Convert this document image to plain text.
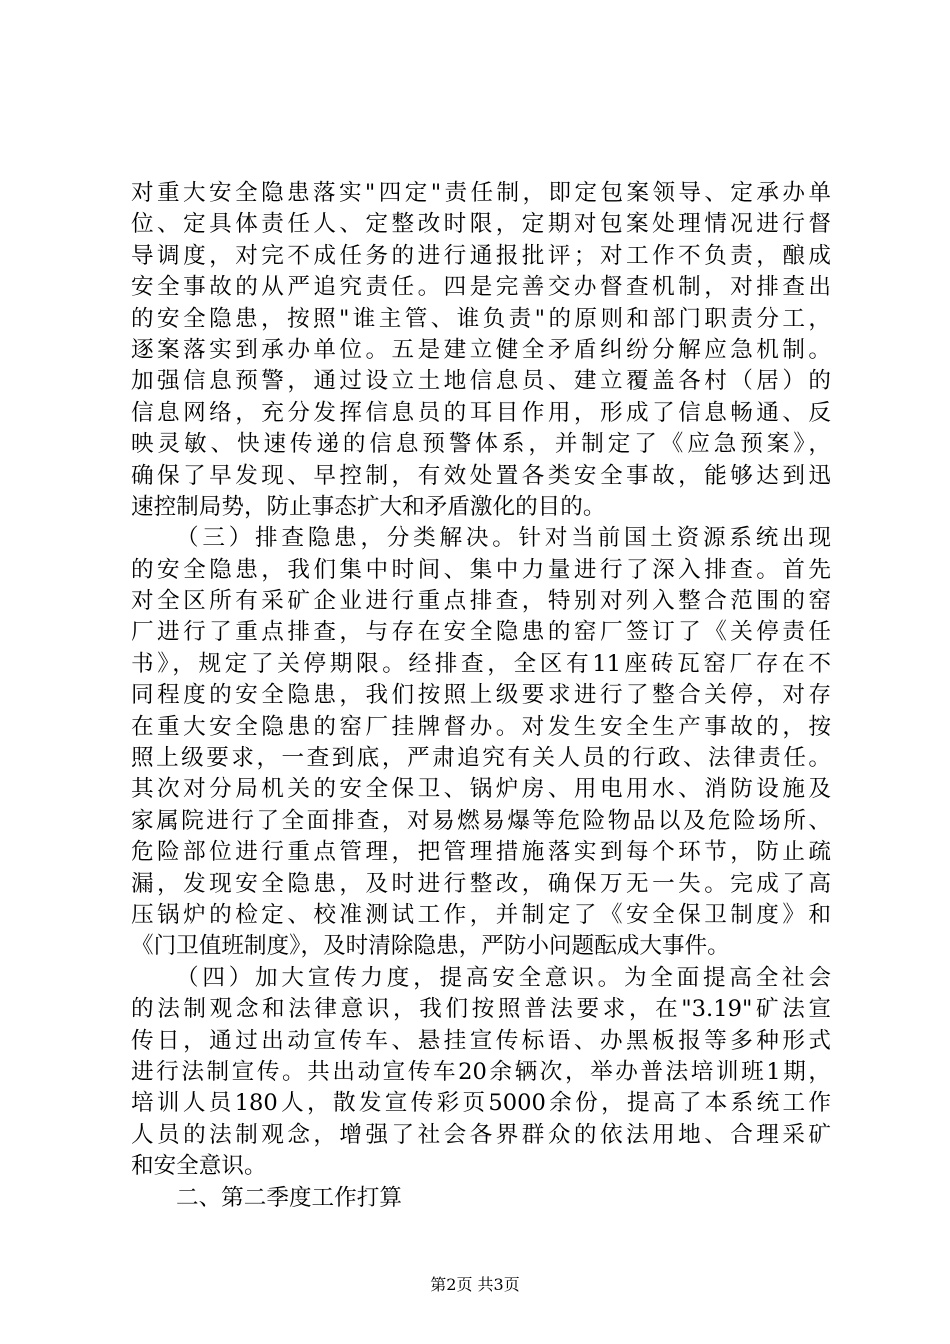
对重大安全隐患落实"四定"责任制，即定包案领导、定承办单
位、定具体责任人、定整改时限，定期对包案处理情况进行督
导调度，对完不成任务的进行通报批评；对工作不负责，酿成
安全事故的从严追究责任。四是完善交办督查机制，对排查出
的安全隐患，按照"谁主管、谁负责"的原则和部门职责分工，
逐案落实到承办单位。五是建立健全矛盾纠纷分解应急机制。
加强信息预警，通过设立土地信息员、建立覆盖各村（居）的
信息网络，充分发挥信息员的耳目作用，形成了信息畅通、反
映灵敏、快速传递的信息预警体系，并制定了《应急预案》，
确保了早发现、早控制，有效处置各类安全事故，能够达到迅
速控制局势，防止事态扩大和矛盾激化的目的。
（三）排查隐患，分类解决。针对当前国土资源系统出现
的安全隐患，我们集中时间、集中力量进行了深入排查。首先
对全区所有采矿企业进行重点排查，特别对列入整合范围的窑
厂进行了重点排查，与存在安全隐患的窑厂签订了《关停责任
书》，规定了关停期限。经排查，全区有11座砖瓦窑厂存在不
同程度的安全隐患，我们按照上级要求进行了整合关停，对存
在重大安全隐患的窑厂挂牌督办。对发生安全生产事故的，按
照上级要求，一查到底，严肃追究有关人员的行政、法律责任。
其次对分局机关的安全保卫、锅炉房、用电用水、消防设施及
家属院进行了全面排查，对易燃易爆等危险物品以及危险场所、
危险部位进行重点管理，把管理措施落实到每个环节，防止疏
漏，发现安全隐患，及时进行整改，确保万无一失。完成了高
压锅炉的检定、校准测试工作，并制定了《安全保卫制度》和
《门卫值班制度》，及时清除隐患，严防小问题酝成大事件。
（四）加大宣传力度，提高安全意识。为全面提高全社会
的法制观念和法律意识，我们按照普法要求，在"3.19"矿法宣
传日，通过出动宣传车、悬挂宣传标语、办黑板报等多种形式
进行法制宣传。共出动宣传车20余辆次，举办普法培训班1期，
培训人员180人，散发宣传彩页5000余份，提高了本系统工作
人员的法制观念，增强了社会各界群众的依法用地、合理采矿
和安全意识。
二、第二季度工作打算
第2页 共3页
